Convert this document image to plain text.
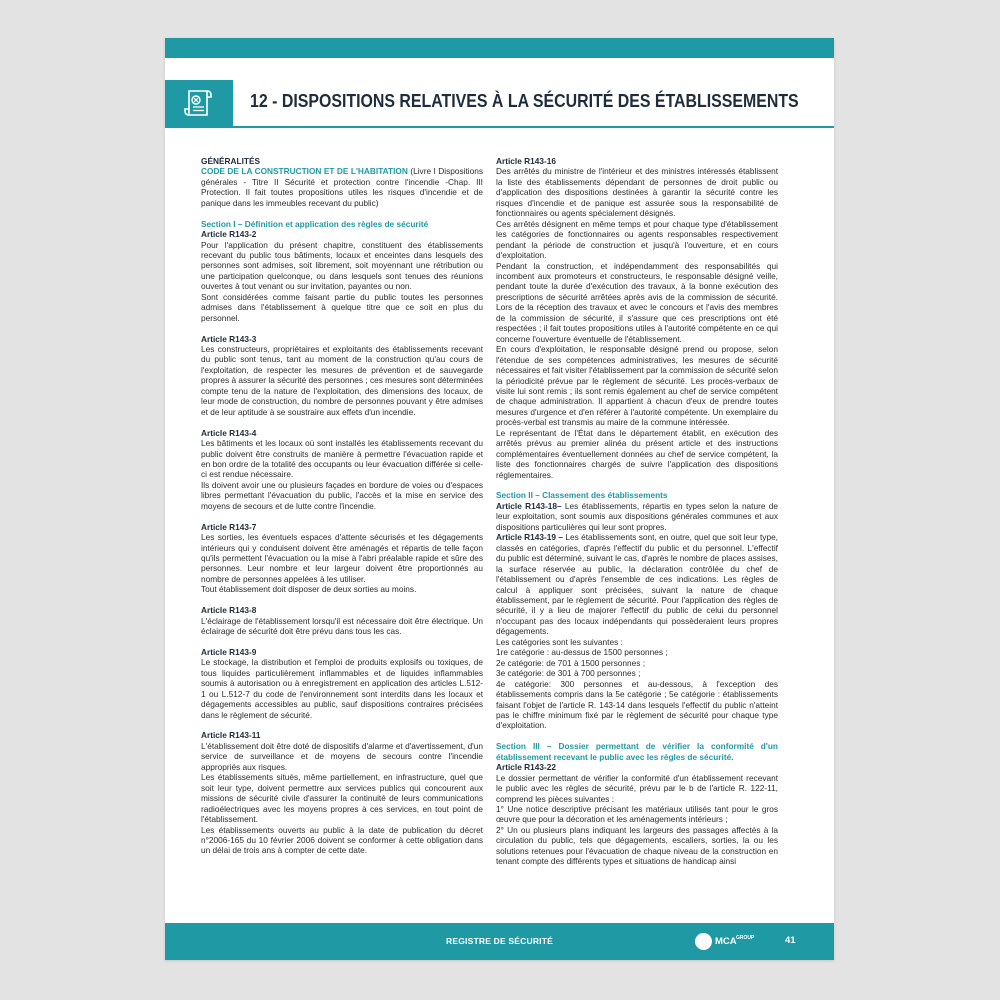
12 - DISPOSITIONS RELATIVES À LA SÉCURITÉ DES ÉTABLISSEMENTS

GÉNÉRALITÉS

CODE DE LA CONSTRUCTION ET DE L'HABITATION (Livre I Dispositions générales - Titre II Sécurité et protection contre l'incendie -Chap. III Protection. Il fait toutes propositions utiles les risques d'incendie et de panique dans les immeubles recevant du public)

Section I – Définition et application des règles de sécurité

Article R143-2

Pour l'application du présent chapitre, constituent des établissements recevant du public tous bâtiments, locaux et enceintes dans lesquels des personnes sont admises, soit librement, soit moyennant une rétribution ou une participation quelconque, ou dans lesquels sont tenues des réunions ouvertes à tout venant ou sur invitation, payantes ou non.

Sont considérées comme faisant partie du public toutes les personnes admises dans l'établissement à quelque titre que ce soit en plus du personnel.

Article R143-3

Les constructeurs, propriétaires et exploitants des établissements recevant du public sont tenus, tant au moment de la construction qu'au cours de l'exploitation, de respecter les mesures de prévention et de sauvegarde propres à assurer la sécurité des personnes ; ces mesures sont déterminées compte tenu de la nature de l'exploitation, des dimensions des locaux, de leur mode de construction, du nombre de personnes pouvant y être admises et de leur aptitude à se soustraire aux effets d'un incendie.

Article R143-4

Les bâtiments et les locaux où sont installés les établissements recevant du public doivent être construits de manière à permettre l'évacuation rapide et en bon ordre de la totalité des occupants ou leur évacuation différée si celle-ci est rendue nécessaire.

Ils doivent avoir une ou plusieurs façades en bordure de voies ou d'espaces libres permettant l'évacuation du public, l'accès et la mise en service des moyens de secours et de lutte contre l'incendie.

Article R143-7

Les sorties, les éventuels espaces d'attente sécurisés et les dégagements intérieurs qui y conduisent doivent être aménagés et répartis de telle façon qu'ils permettent l'évacuation ou la mise à l'abri préalable rapide et sûre des personnes. Leur nombre et leur largeur doivent être proportionnés au nombre de personnes appelées à les utiliser.

Tout établissement doit disposer de deux sorties au moins.

Article R143-8

L'éclairage de l'établissement lorsqu'il est nécessaire doit être électrique. Un éclairage de sécurité doit être prévu dans tous les cas.

Article R143-9

Le stockage, la distribution et l'emploi de produits explosifs ou toxiques, de tous liquides particulièrement inflammables et de liquides inflammables soumis à autorisation ou à enregistrement en application des articles L.512-1 ou L.512-7 du code de l'environnement sont interdits dans les locaux et dégagements accessibles au public, sauf dispositions contraires précisées dans le règlement de sécurité.

Article R143-11

L'établissement doit être doté de dispositifs d'alarme et d'avertissement, d'un service de surveillance et de moyens de secours contre l'incendie appropriés aux risques.

Les établissements situés, même partiellement, en infrastructure, quel que soit leur type, doivent permettre aux services publics qui concourent aux missions de sécurité civile d'assurer la continuité de leurs communications radioélectriques avec les moyens propres à ces services, en tout point de l'établissement.

Les établissements ouverts au public à la date de publication du décret n°2006-165 du 10 février 2006 doivent se conformer à cette obligation dans un délai de trois ans à compter de cette date.

Article R143-16

Des arrêtés du ministre de l'intérieur et des ministres intéressés établissent la liste des établissements dépendant de personnes de droit public ou d'application des dispositions destinées à garantir la sécurité contre les risques d'incendie et de panique est assurée sous la responsabilité de fonctionnaires ou agents spécialement désignés.

Ces arrêtés désignent en même temps et pour chaque type d'établissement les catégories de fonctionnaires ou agents responsables respectivement pendant la période de construction et jusqu'à l'ouverture, et en cours d'exploitation.

Pendant la construction, et indépendamment des responsabilités qui incombent aux promoteurs et constructeurs, le responsable désigné veille, pendant toute la durée d'exécution des travaux, à la bonne exécution des prescriptions de sécurité arrêtées après avis de la commission de sécurité. Lors de la réception des travaux et avec le concours et l'avis des membres de la commission de sécurité, il s'assure que ces prescriptions ont été respectées ; il fait toutes propositions utiles à l'autorité compétente en ce qui concerne l'ouverture éventuelle de l'établissement.

En cours d'exploitation, le responsable désigné prend ou propose, selon l'étendue de ses compétences administratives, les mesures de sécurité nécessaires et fait visiter l'établissement par la commission de sécurité selon la périodicité prévue par le règlement de sécurité. Les procès-verbaux de visite lui sont remis ; ils sont remis également au chef de service compétent de chaque administration. Il appartient à chacun d'eux de prendre toutes mesures d'urgence et d'en référer à l'autorité compétente. Un exemplaire du procès-verbal est transmis au maire de la commune intéressée.

Le représentant de l'État dans le département établit, en exécution des arrêtés prévus au premier alinéa du présent article et des instructions complémentaires éventuellement données au chef de service compétent, la liste des fonctionnaires chargés de suivre l'application des dispositions réglementaires.

Section II – Classement des établissements

Article R143-18– Les établissements, répartis en types selon la nature de leur exploitation, sont soumis aux dispositions générales communes et aux dispositions particulières qui leur sont propres.

Article R143-19 – Les établissements sont, en outre, quel que soit leur type, classés en catégories, d'après l'effectif du public et du personnel. L'effectif du public est déterminé, suivant le cas, d'après le nombre de places assises, la surface réservée au public, la déclaration contrôlée du chef de l'établissement ou d'après l'ensemble de ces indications. Les règles de calcul à appliquer sont précisées, suivant la nature de chaque établissement, par le règlement de sécurité. Pour l'application des règles de sécurité, il y a lieu de majorer l'effectif du public de celui du personnel n'occupant pas des locaux indépendants qui possèderaient leurs propres dégagements.

Les catégories sont les suivantes :

1re catégorie : au-dessus de 1500 personnes ;

2e catégorie: de 701 à 1500 personnes ;

3e catégorie: de 301 à 700 personnes ;

4e catégorie: 300 personnes et au-dessous, à l'exception des établissements compris dans la 5e catégorie ; 5e catégorie : établissements faisant l'objet de l'article R. 143-14 dans lesquels l'effectif du public n'atteint pas le chiffre minimum fixé par le règlement de sécurité pour chaque type d'exploitation.

Section III – Dossier permettant de vérifier la conformité d'un établissement recevant le public avec les règles de sécurité.

Article R143-22

Le dossier permettant de vérifier la conformité d'un établissement recevant le public avec les règles de sécurité, prévu par le b de l'article R. 122-11, comprend les pièces suivantes :

1° Une notice descriptive précisant les matériaux utilisés tant pour le gros œuvre que pour la décoration et les aménagements intérieurs ;

2° Un ou plusieurs plans indiquant les largeurs des passages affectés à la circulation du public, tels que dégagements, escaliers, sorties, la ou les solutions retenues pour l'évacuation de chaque niveau de la construction en tenant compte des différents types et situations de handicap ainsi

REGISTRE DE SÉCURITÉ	MCA GROUP	41
